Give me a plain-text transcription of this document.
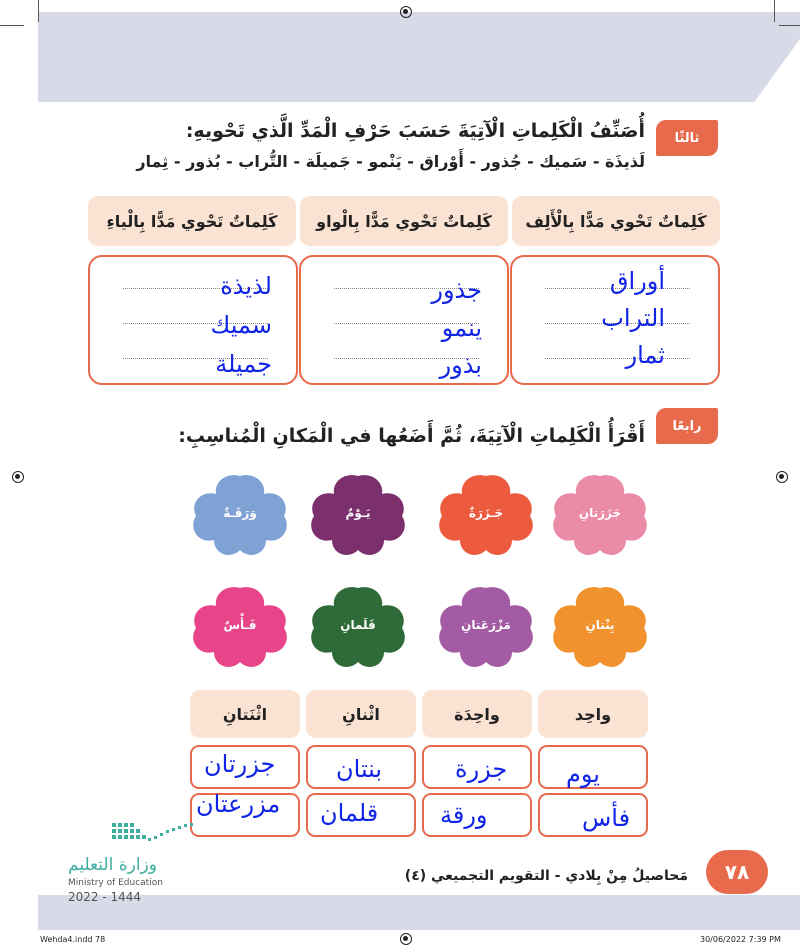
ثالثًا
أُصَنِّفُ الْكَلِماتِ الْآتِيَةَ حَسَبَ حَرْفِ الْمَدِّ الَّذي تَحْويهِ:
لَذيذَة - سَميك - جُذور - أَوْراق - يَنْمو - جَميلَة - التُّراب - بُذور - ثِمار
كَلِماتٌ تَحْوي مَدًّا بِالْأَلِف
كَلِماتٌ تَحْوي مَدًّا بِالْواو
كَلِماتٌ تَحْوي مَدًّا بِالْياءِ
أوراق
التراب
ثمار
جذور
ينمو
بذور
لذيذة
سميك
جميلة
رابعًا
أَقْرَأُ الْكَلِماتِ الْآتِيَةَ، ثُمَّ أَضَعُها في الْمَكانِ الْمُناسِبِ:
جَزَرَتانِ
جَـزَرَةٌ
يَـوْمٌ
وَرَقَـةٌ
بِنْتانِ
مَزْرَعَتانِ
قَلَمانِ
فَـأْسٌ
واحِد
واحِدَة
اثْنانِ
اثْنَتانِ
يوم
جزرة
بنتان
جزرتان
فأس
ورقة
قلمان
مزرعتان
وزارة التعليم
Ministry of Education
2022 - 1444
مَحاصيلُ مِنْ بِلادي - التقويم التجميعي (٤)	٧٨
Wehda4.indd 78	30/06/2022 7:39 PM
